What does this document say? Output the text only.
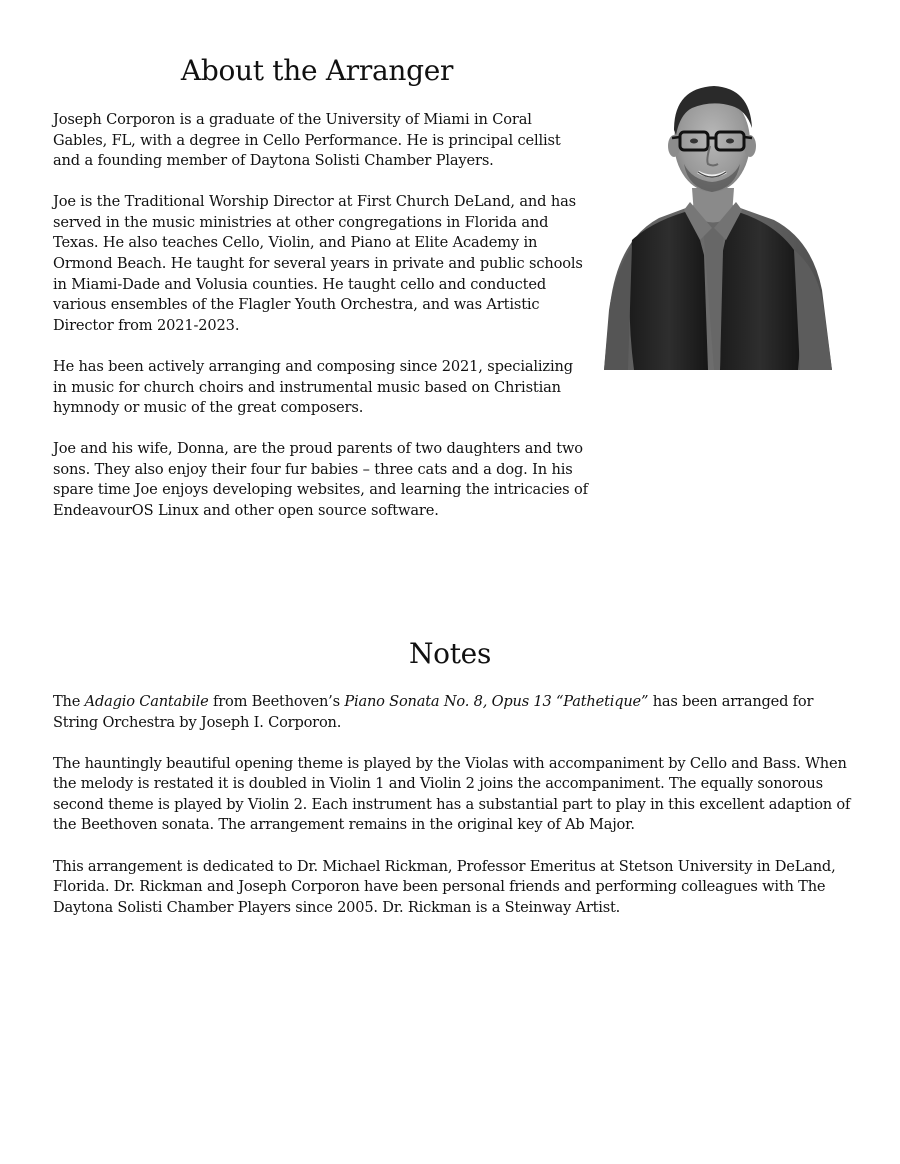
About the Arranger

Joseph Corporon is a graduate of the University of Miami in Coral Gables, FL, with a degree in Cello Performance. He is principal cellist and a founding member of Daytona Solisti Chamber Players.

Joe is the Traditional Worship Director at First Church DeLand, and has served in the music ministries at other congregations in Florida and Texas. He also teaches Cello, Violin, and Piano at Elite Academy in Ormond Beach. He taught for several years in private and public schools in Miami-Dade and Volusia counties. He taught cello and conducted various ensembles of the Flagler Youth Orchestra, and was Artistic Director from 2021-2023.

He has been actively arranging and composing since 2021, specializing in music for church choirs and instrumental music based on Christian hymnody or music of the great composers.

Joe and his wife, Donna, are the proud parents of two daughters and two sons. They also enjoy their four fur babies – three cats and a dog. In his spare time Joe enjoys developing websites, and learning the intricacies of EndeavourOS Linux and other open source software.

Notes

The Adagio Cantabile from Beethoven’s Piano Sonata No. 8, Opus 13 “Pathetique” has been arranged for String Orchestra by Joseph I. Corporon.

The hauntingly beautiful opening theme is played by the Violas with accompaniment by Cello and Bass. When the melody is restated it is doubled in Violin 1 and Violin 2 joins the accompaniment. The equally sonorous second theme is played by Violin 2. Each instrument has a substantial part to play in this excellent adaption of the Beethoven sonata. The arrangement remains in the original key of Ab Major.

This arrangement is dedicated to Dr. Michael Rickman, Professor Emeritus at Stetson University in DeLand, Florida. Dr. Rickman and Joseph Corporon have been personal friends and performing colleagues with The Daytona Solisti Chamber Players since 2005. Dr. Rickman is a Steinway Artist.
